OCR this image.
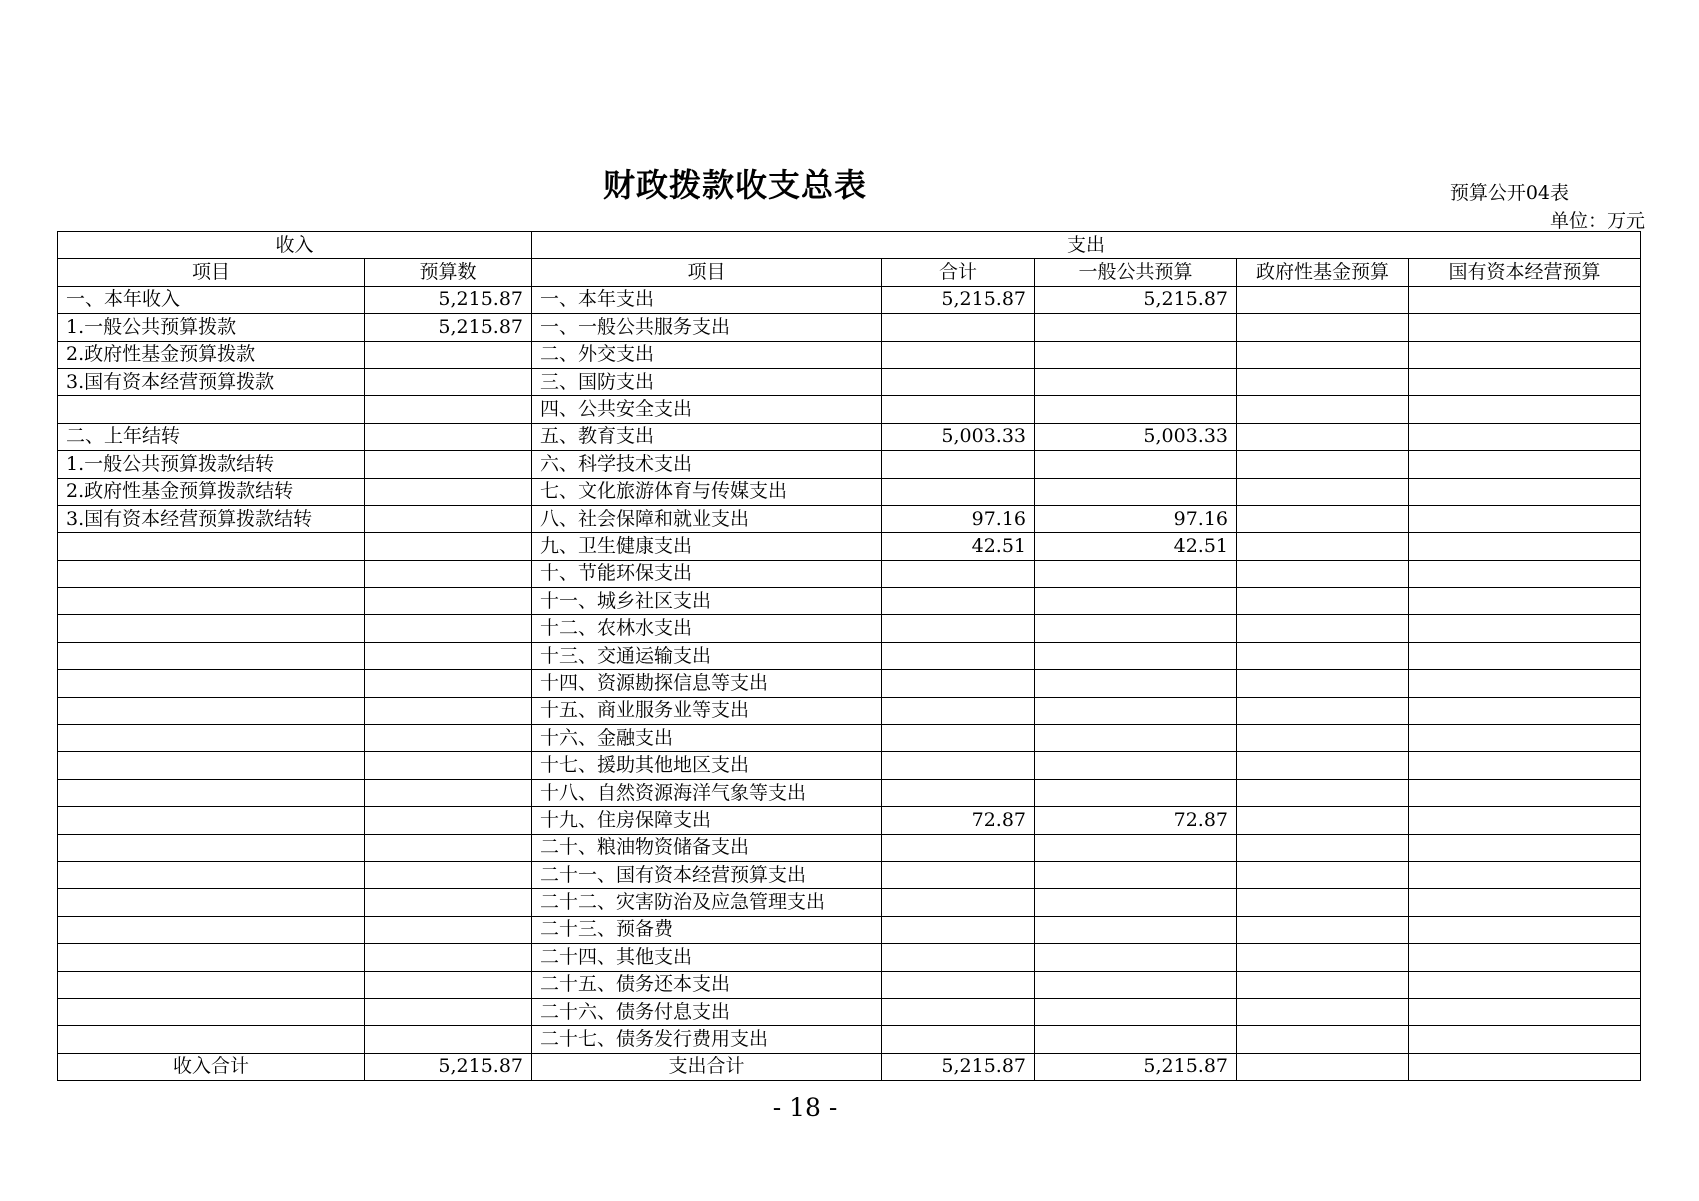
财政拨款收支总表	预算公开04表
单位：万元
收入		支出				
项目	预算数	项目	合计	一般公共预算	政府性基金预算	国有资本经营预算
一、本年收入	5,215.87	一、本年支出	5,215.87	5,215.87		
1.一般公共预算拨款	5,215.87	一、一般公共服务支出				
2.政府性基金预算拨款		二、外交支出				
3.国有资本经营预算拨款		三、国防支出				
		四、公共安全支出				
二、上年结转		五、教育支出	5,003.33	5,003.33		
1.一般公共预算拨款结转		六、科学技术支出				
2.政府性基金预算拨款结转		七、文化旅游体育与传媒支出				
3.国有资本经营预算拨款结转		八、社会保障和就业支出	97.16	97.16		
		九、卫生健康支出	42.51	42.51		
		十、节能环保支出				
		十一、城乡社区支出				
		十二、农林水支出				
		十三、交通运输支出				
		十四、资源勘探信息等支出				
		十五、商业服务业等支出				
		十六、金融支出				
		十七、援助其他地区支出				
		十八、自然资源海洋气象等支出				
		十九、住房保障支出	72.87	72.87		
		二十、粮油物资储备支出				
		二十一、国有资本经营预算支出				
		二十二、灾害防治及应急管理支出				
		二十三、预备费				
		二十四、其他支出				
		二十五、债务还本支出				
		二十六、债务付息支出				
		二十七、债务发行费用支出				
收入合计	5,215.87	支出合计	5,215.87	5,215.87		
- 18 -
